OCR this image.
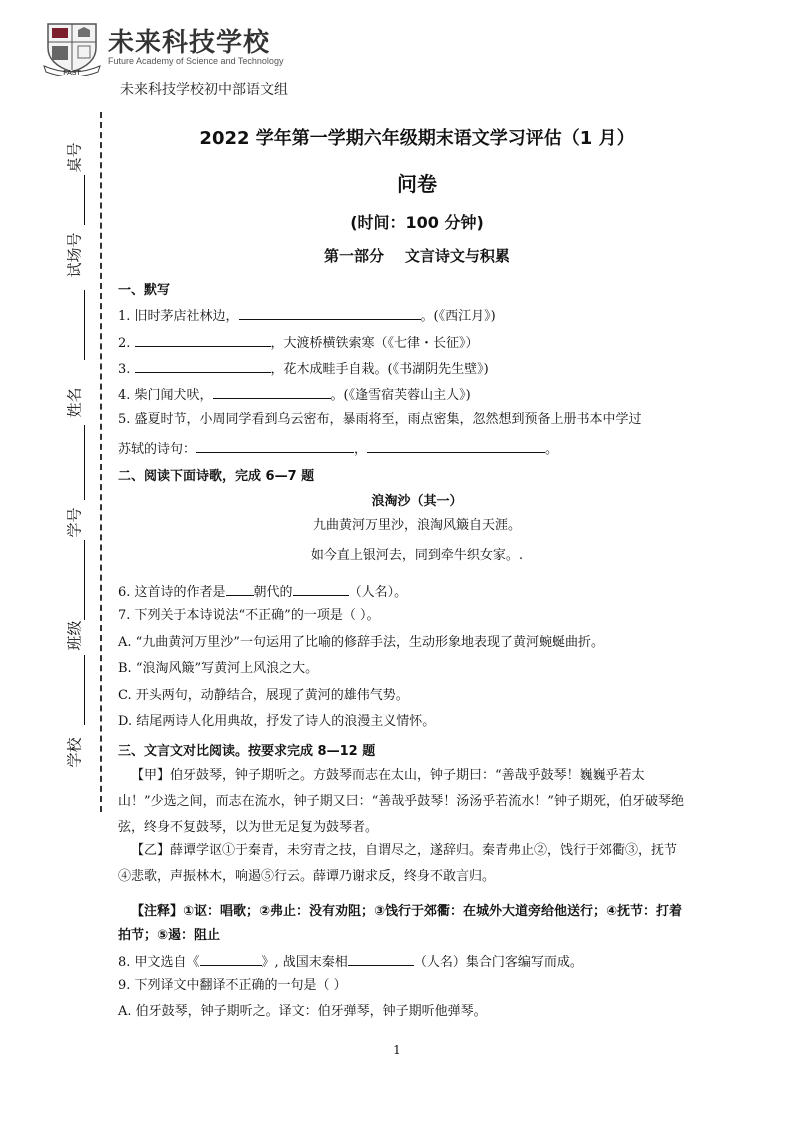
FAST
未来科技学校
Future Academy of Science and Technology
未来科技学校初中部语文组
桌号
试场号
姓名
学号
班级
学校
2022 学年第一学期六年级期末语文学习评估（1 月）
问卷
(时间：100 分钟)
第一部分    文言诗文与积累
一、默写
1. 旧时茅店社林边，	。(《西江月》)
2.	，大渡桥横铁索寒（《七律・长征》）
3.	，花木成畦手自栽。(《书湖阴先生壁》)
4. 柴门闻犬吠，	。(《逢雪宿芙蓉山主人》)
5. 盛夏时节，小周同学看到乌云密布，暴雨将至，雨点密集，忽然想到预备上册书本中学过
苏轼的诗句：	，	。
二、阅读下面诗歌，完成 6—7 题
浪淘沙（其一）
九曲黄河万里沙，浪淘风簸自天涯。
如今直上银河去，同到牵牛织女家。.
6. 这首诗的作者是 朝代的	（人名）。
7. 下列关于本诗说法“不正确”的一项是（ ）。
A. “九曲黄河万里沙”一句运用了比喻的修辞手法，生动形象地表现了黄河蜿蜒曲折。
B. “浪淘风簸”写黄河上风浪之大。
C. 开头两句，动静结合，展现了黄河的雄伟气势。
D. 结尾两诗人化用典故，抒发了诗人的浪漫主义情怀。
三、文言文对比阅读。按要求完成 8—12 题
【甲】伯牙鼓琴，钟子期听之。方鼓琴而志在太山，钟子期曰：“善哉乎鼓琴！巍巍乎若太山！”少选之间，而志在流水，钟子期又曰：“善哉乎鼓琴！汤汤乎若流水！”钟子期死，伯牙破琴绝弦，终身不复鼓琴，以为世无足复为鼓琴者。
【乙】薛谭学讴①于秦青，未穷青之技，自谓尽之，遂辞归。秦青弗止②，饯行于郊衢③，抚节④悲歌，声振林木，响遏⑤行云。薛谭乃谢求反，终身不敢言归。
【注释】①讴：唱歌；②弗止：没有劝阻；③饯行于郊衢：在城外大道旁给他送行；④抚节：打着拍节；⑤遏：阻止
8. 甲文选自《	》, 战国末秦相	（人名）集合门客编写而成。
9. 下列译文中翻译不正确的一句是（ ）
A. 伯牙鼓琴，钟子期听之。译文：伯牙弹琴，钟子期听他弹琴。
1
